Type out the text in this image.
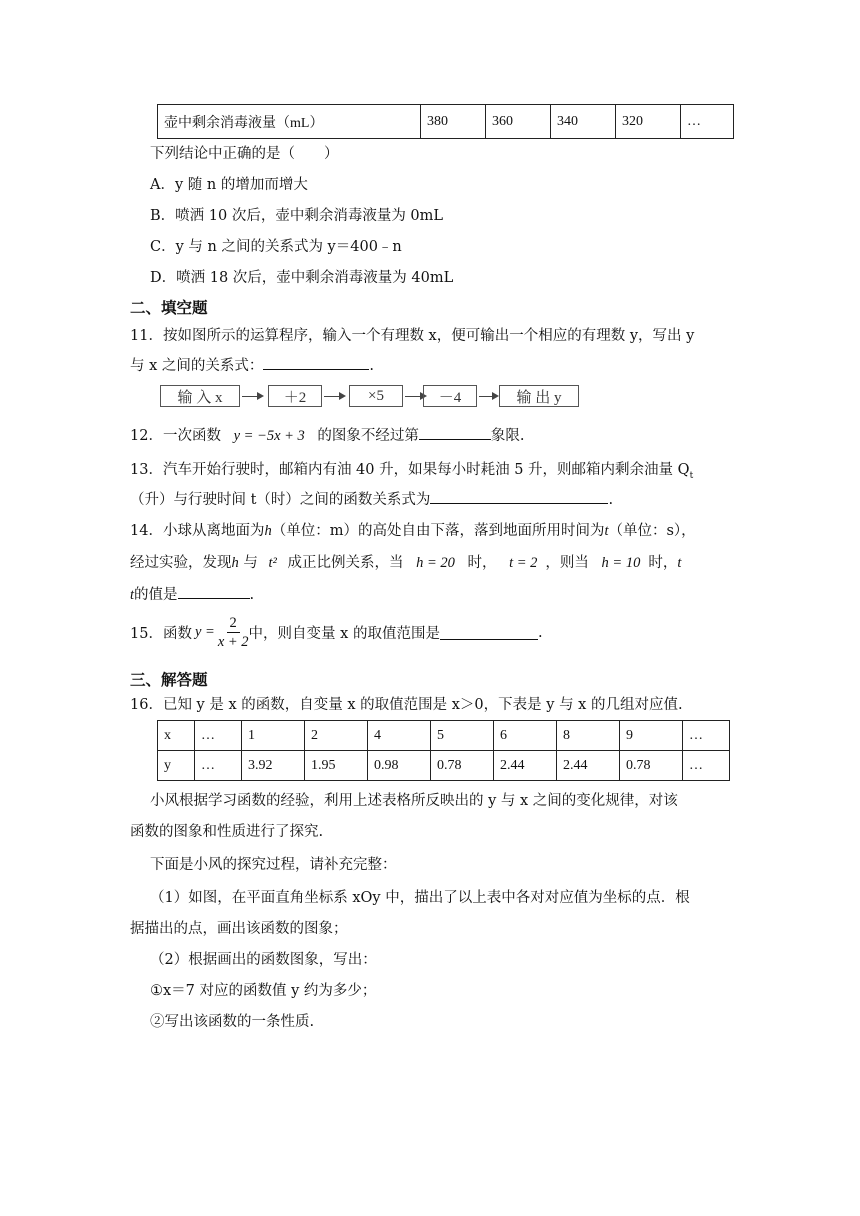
壶中剩余消毒液量（mL）	380	360	340	320	…
下列结论中正确的是（　　）
A．y 随 n 的增加而增大
B．喷洒 10 次后，壶中剩余消毒液量为 0mL
C．y 与 n 之间的关系式为 y＝400﹣n
D．喷洒 18 次后，壶中剩余消毒液量为 40mL
二、填空题
11．按如图所示的运算程序，输入一个有理数 x，便可输出一个相应的有理数 y，写出 y
与 x 之间的关系式：	.
输 入 x	＋2	×5	－4	输 出 y
12．一次函数 y = −5x + 3 的图象不经过第	象限.
13．汽车开始行驶时，邮箱内有油 40 升，如果每小时耗油 5 升，则邮箱内剩余油量 $Q_t$
（升）与行驶时间 t（时）之间的函数关系式为	.
14．小球从离地面为h（单位：m）的高处自由下落，落到地面所用时间为t（单位：s），
经过实验，发现h 与 t² 成正比例关系，当 h = 20 时， t = 2 ，则当 h = 10 时，t
t的值是	.
15．函数 $y = \frac{2}{x + 2}$ 中，则自变量 x 的取值范围是	.
三、解答题
16．已知 y 是 x 的函数，自变量 x 的取值范围是 x＞0，下表是 y 与 x 的几组对应值.
x	…	1	2	4	5	6	8	9	…
y	…	3.92	1.95	0.98	0.78	2.44	2.44	0.78	…
小风根据学习函数的经验，利用上述表格所反映出的 y 与 x 之间的变化规律，对该
函数的图象和性质进行了探究.
下面是小风的探究过程，请补充完整：
（1）如图，在平面直角坐标系 xOy 中，描出了以上表中各对对应值为坐标的点．根
据描出的点，画出该函数的图象；
（2）根据画出的函数图象，写出：
①x＝7 对应的函数值 y 约为多少；
②写出该函数的一条性质.
